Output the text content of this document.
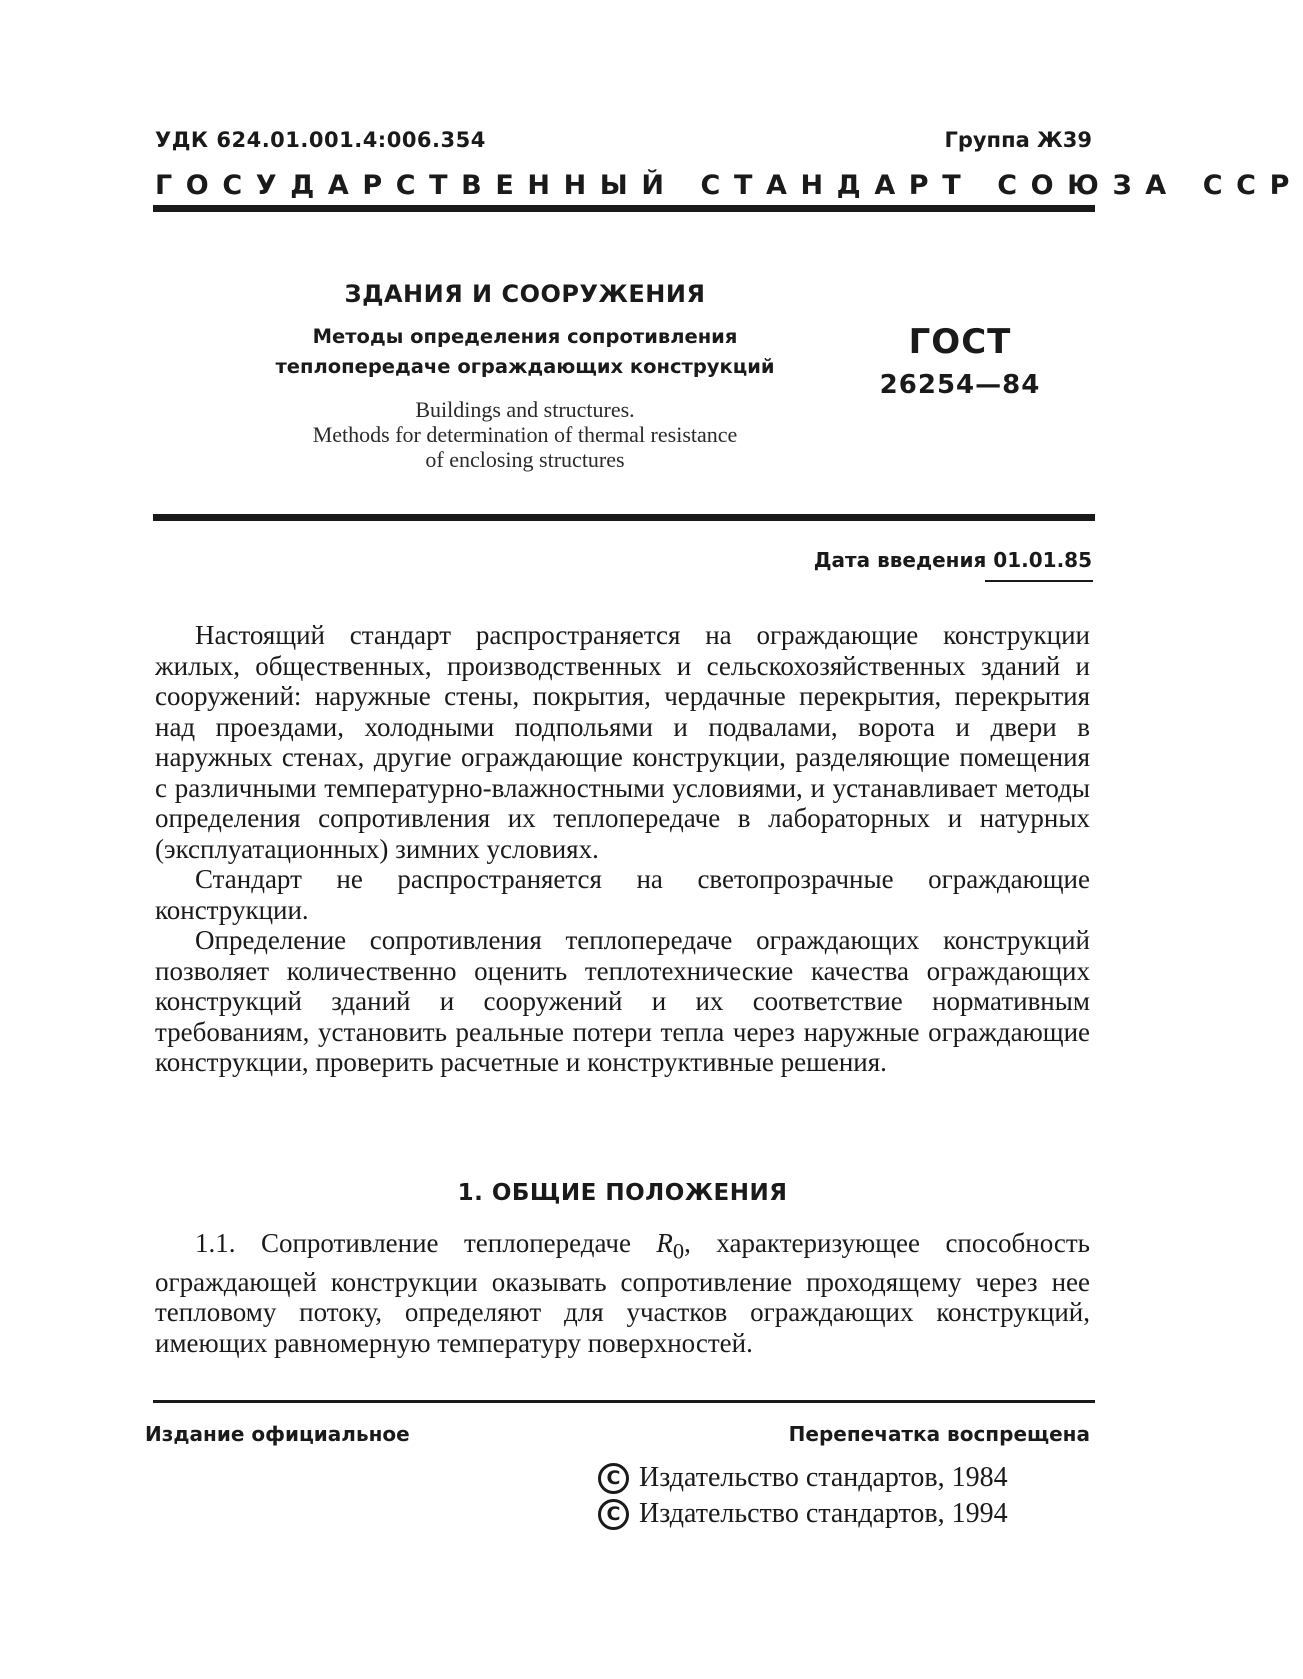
УДК 624.01.001.4:006.354	Группа Ж39
ГОСУДАРСТВЕННЫЙ СТАНДАРТ СОЮЗА ССР
ЗДАНИЯ И СООРУЖЕНИЯ
Методы определения сопротивления
теплопередаче ограждающих конструкций
Buildings and structures.
Methods for determination of thermal resistance
of enclosing structures
ГОСТ
26254—84
Дата введения 01.01.85

Настоящий стандарт распространяется на ограждающие конструкции жилых, общественных, производственных и сельскохозяйственных зданий и сооружений: наружные стены, покрытия, чердачные перекрытия, перекрытия над проездами, холодными подпольями и подвалами, ворота и двери в наружных стенах, другие ограждающие конструкции, разделяющие помещения с различными температурно-влажностными условиями, и устанавливает методы определения сопротивления их теплопередаче в лабораторных и натурных (эксплуатационных) зимних условиях.

Стандарт не распространяется на светопрозрачные ограждающие конструкции.

Определение сопротивления теплопередаче ограждающих конструкций позволяет количественно оценить теплотехнические качества ограждающих конструкций зданий и сооружений и их соответствие нормативным требованиям, установить реальные потери тепла через наружные ограждающие конструкции, проверить расчетные и конструктивные решения.

1. ОБЩИЕ ПОЛОЖЕНИЯ

1.1. Сопротивление теплопередаче $R_0$, характеризующее способность ограждающей конструкции оказывать сопротивление проходящему через нее тепловому потоку, определяют для участков ограждающих конструкций, имеющих равномерную температуру поверхностей.

Издание официальное	Перепечатка воспрещена
C Издательство стандартов, 1984
C Издательство стандартов, 1994
